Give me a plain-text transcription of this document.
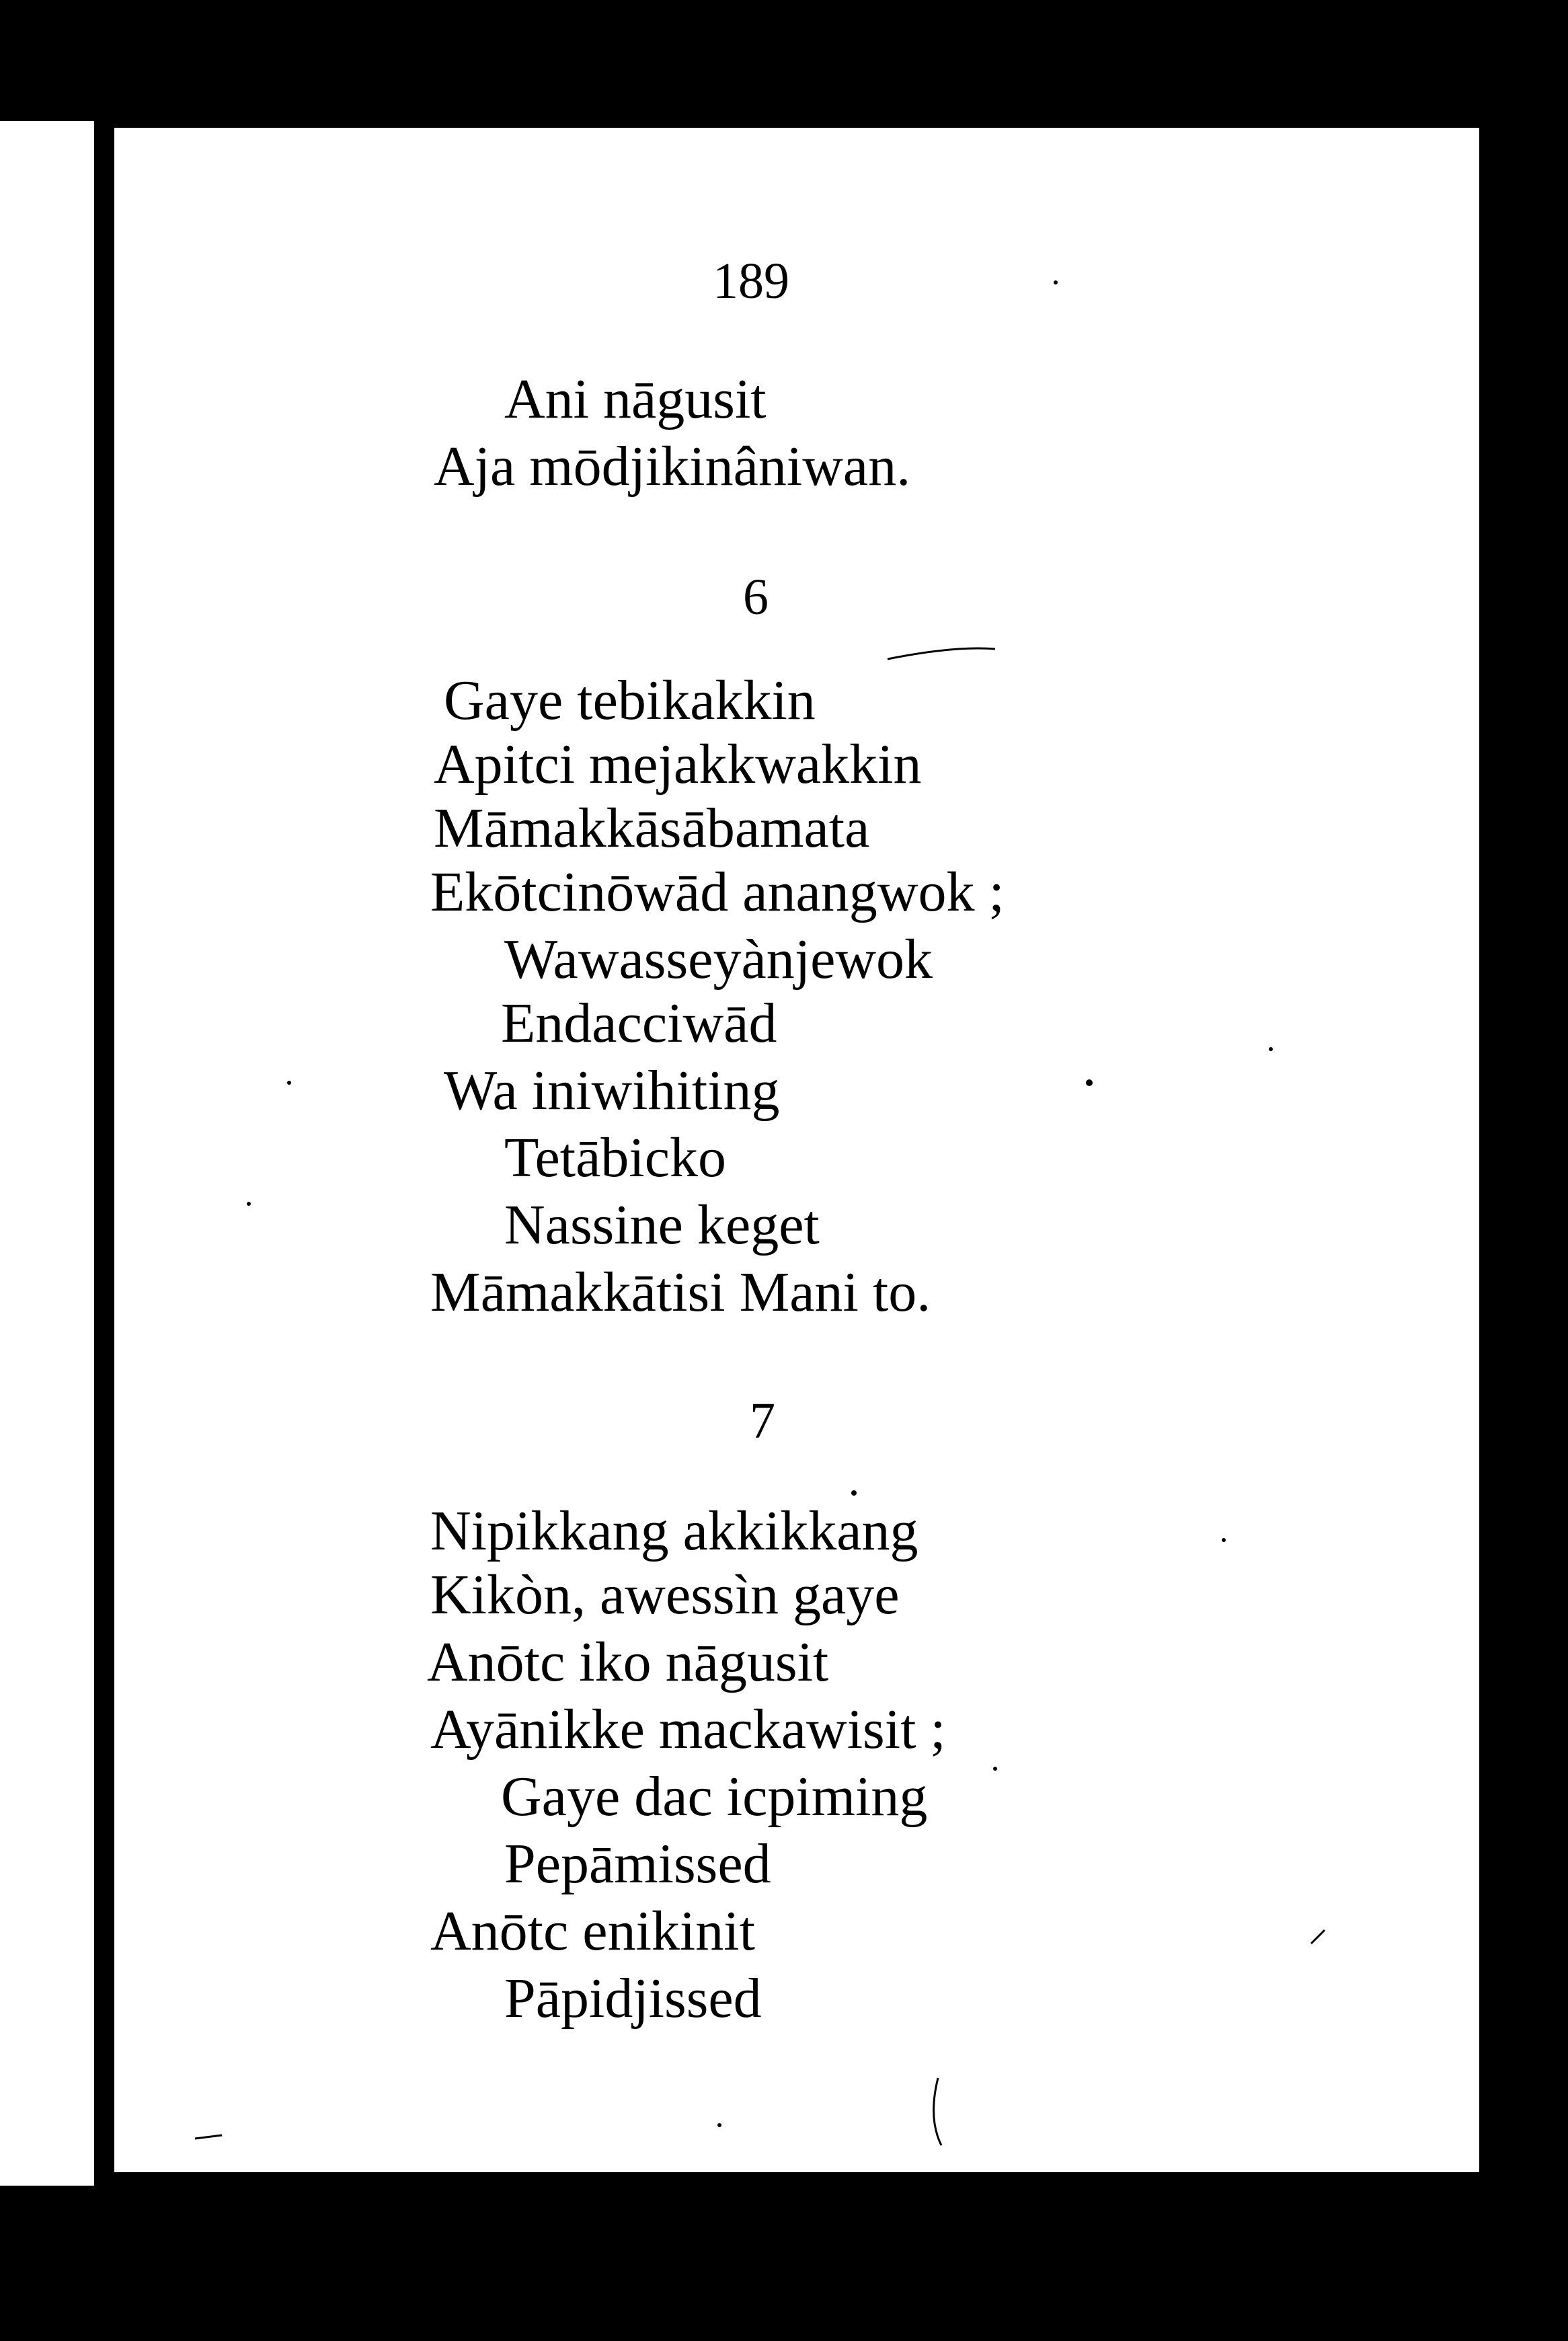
189
Ani nāgusit
Aja mōdjikinâniwan.
6
Gaye tebikakkin
Apitci mejakkwakkin
Māmakkāsābamata
Ekōtcinōwād anangwok ;
Wawasseyànjewok
Endacciwād
Wa iniwihiting
Tetābicko
Nassine keget
Māmakkātisi Mani to.
7
Nipikkang akkikkang
Kikòn, awessìn gaye
Anōtc iko nāgusit
Ayānikke mackawisit ;
Gaye dac icpiming
Pepāmissed
Anōtc enikinit
Pāpidjissed
